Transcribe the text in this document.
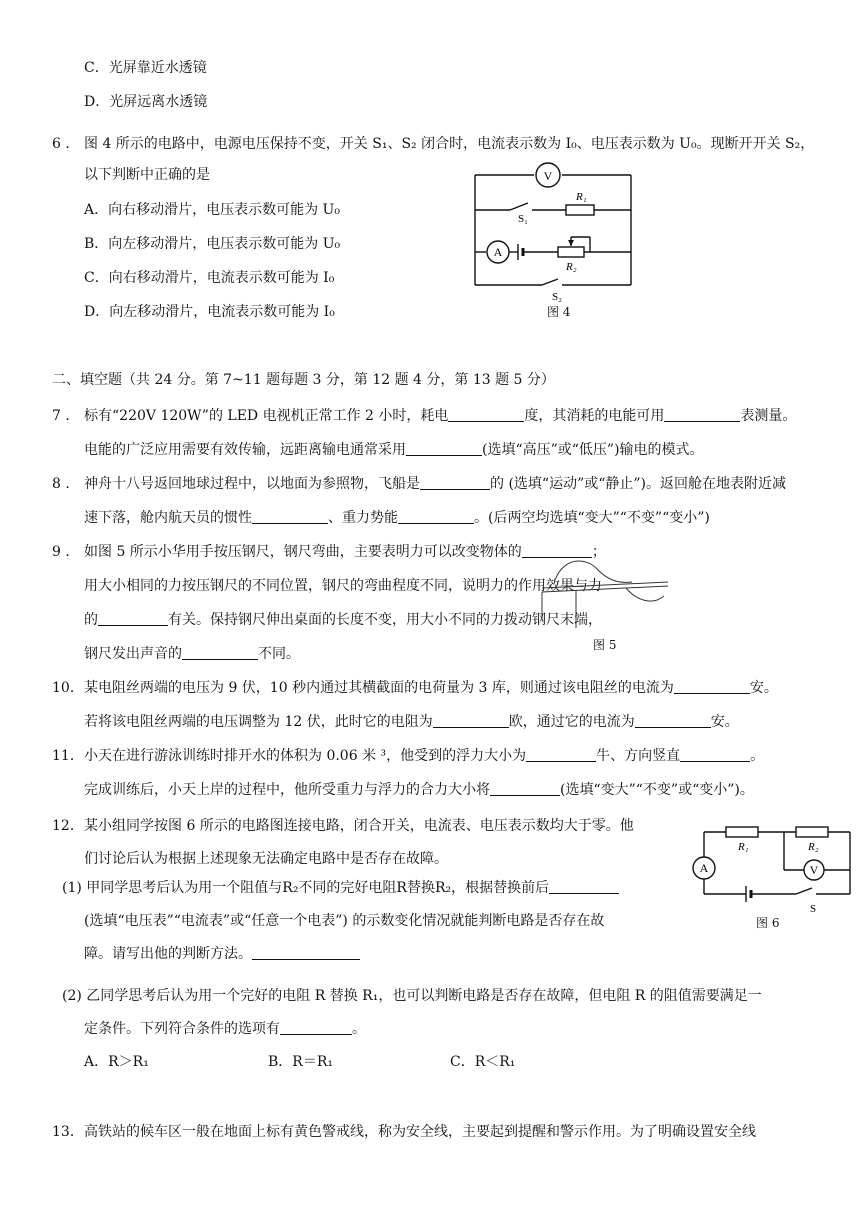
C．光屏靠近水透镜
D．光屏远离水透镜
6 ． 图 4 所示的电路中，电源电压保持不变，开关 S₁、S₂ 闭合时，电流表示数为 I₀、电压表示数为 U₀。现断开开关 S₂，
以下判断中正确的是
A．向右移动滑片，电压表示数可能为 U₀
B．向左移动滑片，电压表示数可能为 U₀
C．向右移动滑片，电流表示数可能为 I₀
D．向左移动滑片，电流表示数可能为 I₀
V
A
R₁
R₂
S₁
S₂
图 4
二、填空题（共 24 分。第 7~11 题每题 3 分，第 12 题 4 分，第 13 题 5 分）
7 ． 标有“220V 120W”的 LED 电视机正常工作 2 小时，耗电	度，其消耗的电能可用	表测量。
电能的广泛应用需要有效传输，远距离输电通常采用	(选填“高压”或“低压”)输电的模式。
8 ． 神舟十八号返回地球过程中，以地面为参照物，飞船是	的 (选填“运动”或“静止”)。返回舱在地表附近减
速下落，舱内航天员的惯性	、重力势能	。(后两空均选填“变大”“不变”“变小”)
9 ． 如图 5 所示小华用手按压钢尺，钢尺弯曲，主要表明力可以改变物体的	；
用大小相同的力按压钢尺的不同位置，钢尺的弯曲程度不同，说明力的作用效果与力
的	有关。保持钢尺伸出桌面的长度不变，用大小不同的力拨动钢尺末端，
钢尺发出声音的	不同。
图 5
10． 某电阻丝两端的电压为 9 伏，10 秒内通过其横截面的电荷量为 3 库，则通过该电阻丝的电流为	安。
若将该电阻丝两端的电压调整为 12 伏，此时它的电阻为	欧，通过它的电流为	安。
11． 小天在进行游泳训练时排开水的体积为 0.06 米 ³，他受到的浮力大小为	牛、方向竖直	。
完成训练后，小天上岸的过程中，他所受重力与浮力的合力大小将	(选填“变大”“不变”或“变小”)。
12． 某小组同学按图 6 所示的电路图连接电路，闭合开关，电流表、电压表示数均大于零。他
们讨论后认为根据上述现象无法确定电路中是否存在故障。
(1) 甲同学思考后认为用一个阻值与R₂不同的完好电阻R替换R₂，根据替换前后
(选填“电压表”“电流表”或“任意一个电表”) 的示数变化情况就能判断电路是否存在故
障。请写出他的判断方法。
(2) 乙同学思考后认为用一个完好的电阻 R 替换 R₁，也可以判断电路是否存在故障，但电阻 R 的阻值需要满足一
定条件。下列符合条件的选项有	。
A．R＞R₁	B．R＝R₁	C．R＜R₁
A	V
R₁	R₂
S
图 6
13． 高铁站的候车区一般在地面上标有黄色警戒线，称为安全线，主要起到提醒和警示作用。为了明确设置安全线
